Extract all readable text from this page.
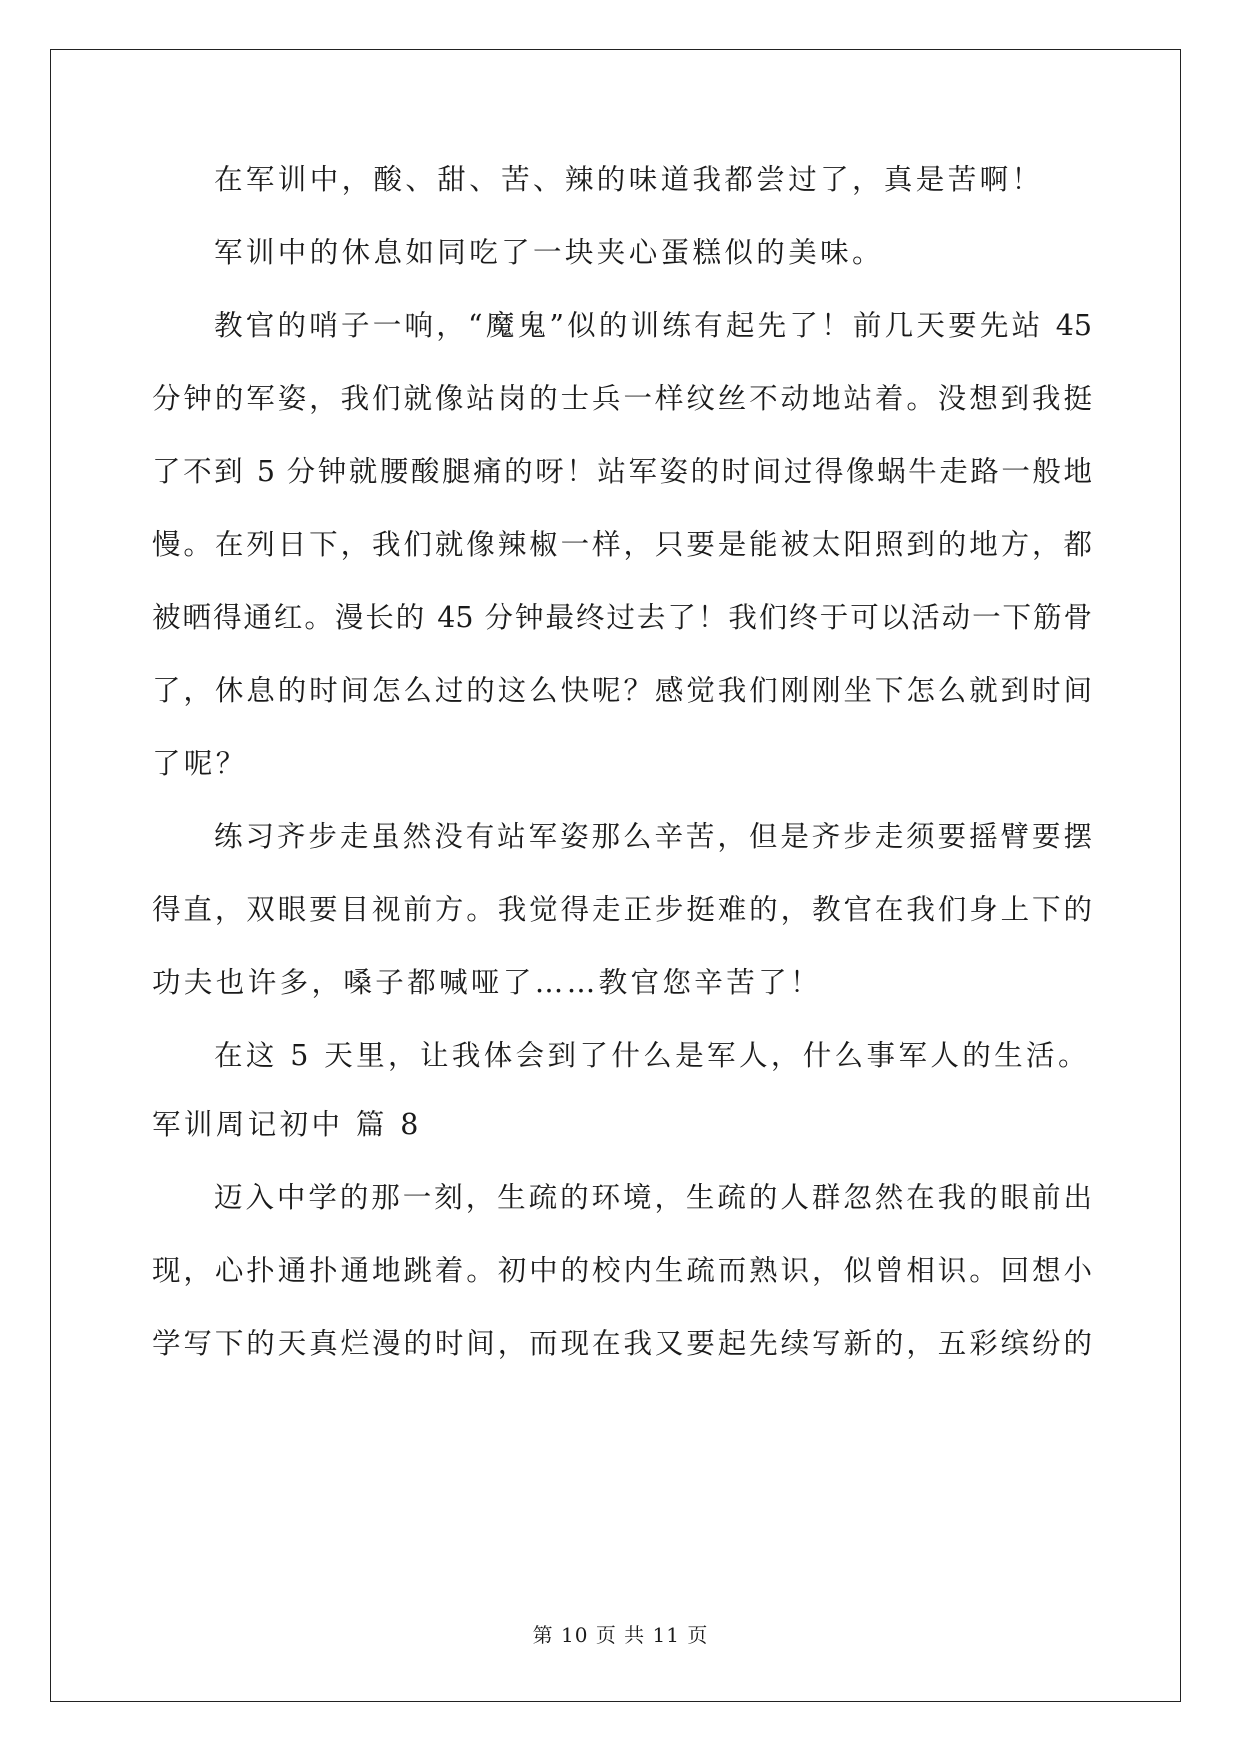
在军训中，酸、甜、苦、辣的味道我都尝过了，真是苦啊！
军训中的休息如同吃了一块夹心蛋糕似的美味。
教官的哨子一响，“魔鬼”似的训练有起先了！前几天要先站 45
分钟的军姿，我们就像站岗的士兵一样纹丝不动地站着。没想到我挺
了不到 5 分钟就腰酸腿痛的呀！站军姿的时间过得像蜗牛走路一般地
慢。在列日下，我们就像辣椒一样，只要是能被太阳照到的地方，都
被晒得通红。漫长的 45 分钟最终过去了！我们终于可以活动一下筋骨
了，休息的时间怎么过的这么快呢？感觉我们刚刚坐下怎么就到时间
了呢？
练习齐步走虽然没有站军姿那么辛苦，但是齐步走须要摇臂要摆
得直，双眼要目视前方。我觉得走正步挺难的，教官在我们身上下的
功夫也许多，嗓子都喊哑了……教官您辛苦了！
在这 5 天里，让我体会到了什么是军人，什么事军人的生活。
军训周记初中 篇 8
迈入中学的那一刻，生疏的环境，生疏的人群忽然在我的眼前出
现，心扑通扑通地跳着。初中的校内生疏而熟识，似曾相识。回想小
学写下的天真烂漫的时间，而现在我又要起先续写新的，五彩缤纷的
第 10 页 共 11 页
